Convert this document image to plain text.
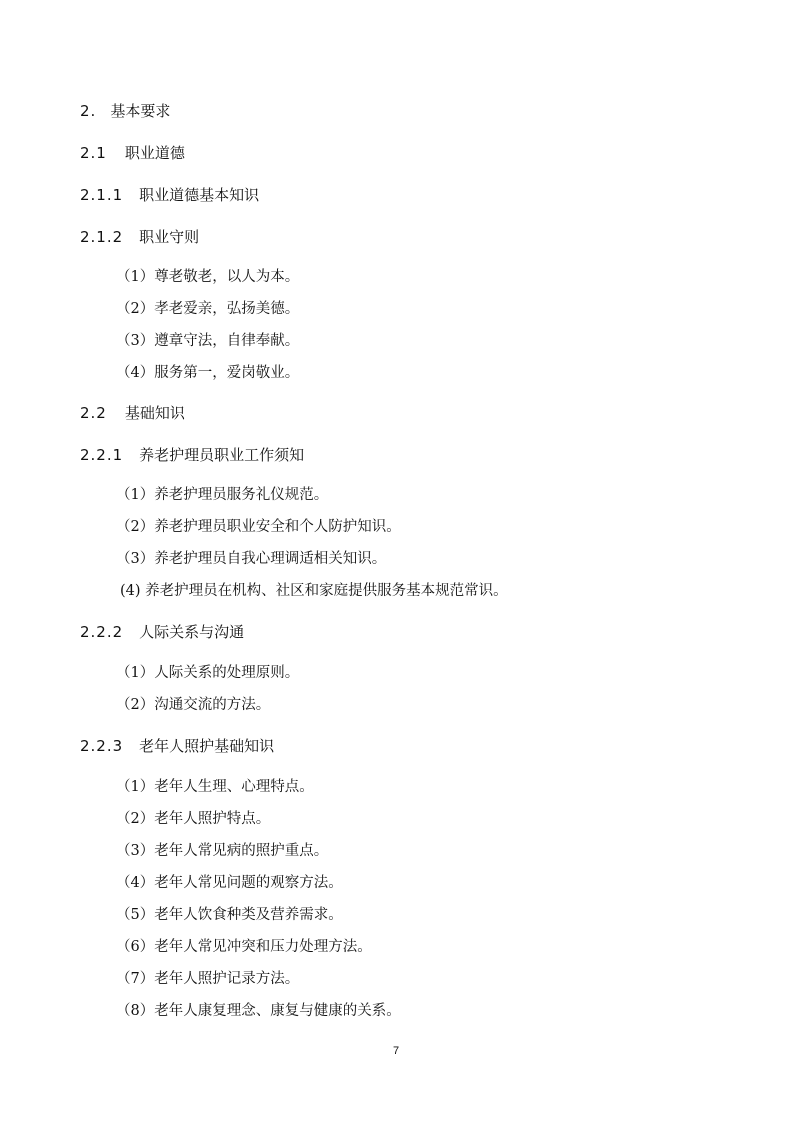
2. 基本要求
2.1 职业道德
2.1.1 职业道德基本知识
2.1.2 职业守则
（1）尊老敬老，以人为本。
（2）孝老爱亲，弘扬美德。
（3）遵章守法，自律奉献。
（4）服务第一，爱岗敬业。
2.2 基础知识
2.2.1 养老护理员职业工作须知
（1）养老护理员服务礼仪规范。
（2）养老护理员职业安全和个人防护知识。
（3）养老护理员自我心理调适相关知识。
(4) 养老护理员在机构、社区和家庭提供服务基本规范常识。
2.2.2 人际关系与沟通
（1）人际关系的处理原则。
（2）沟通交流的方法。
2.2.3 老年人照护基础知识
（1）老年人生理、心理特点。
（2）老年人照护特点。
（3）老年人常见病的照护重点。
（4）老年人常见问题的观察方法。
（5）老年人饮食种类及营养需求。
（6）老年人常见冲突和压力处理方法。
（7）老年人照护记录方法。
（8）老年人康复理念、康复与健康的关系。
7
